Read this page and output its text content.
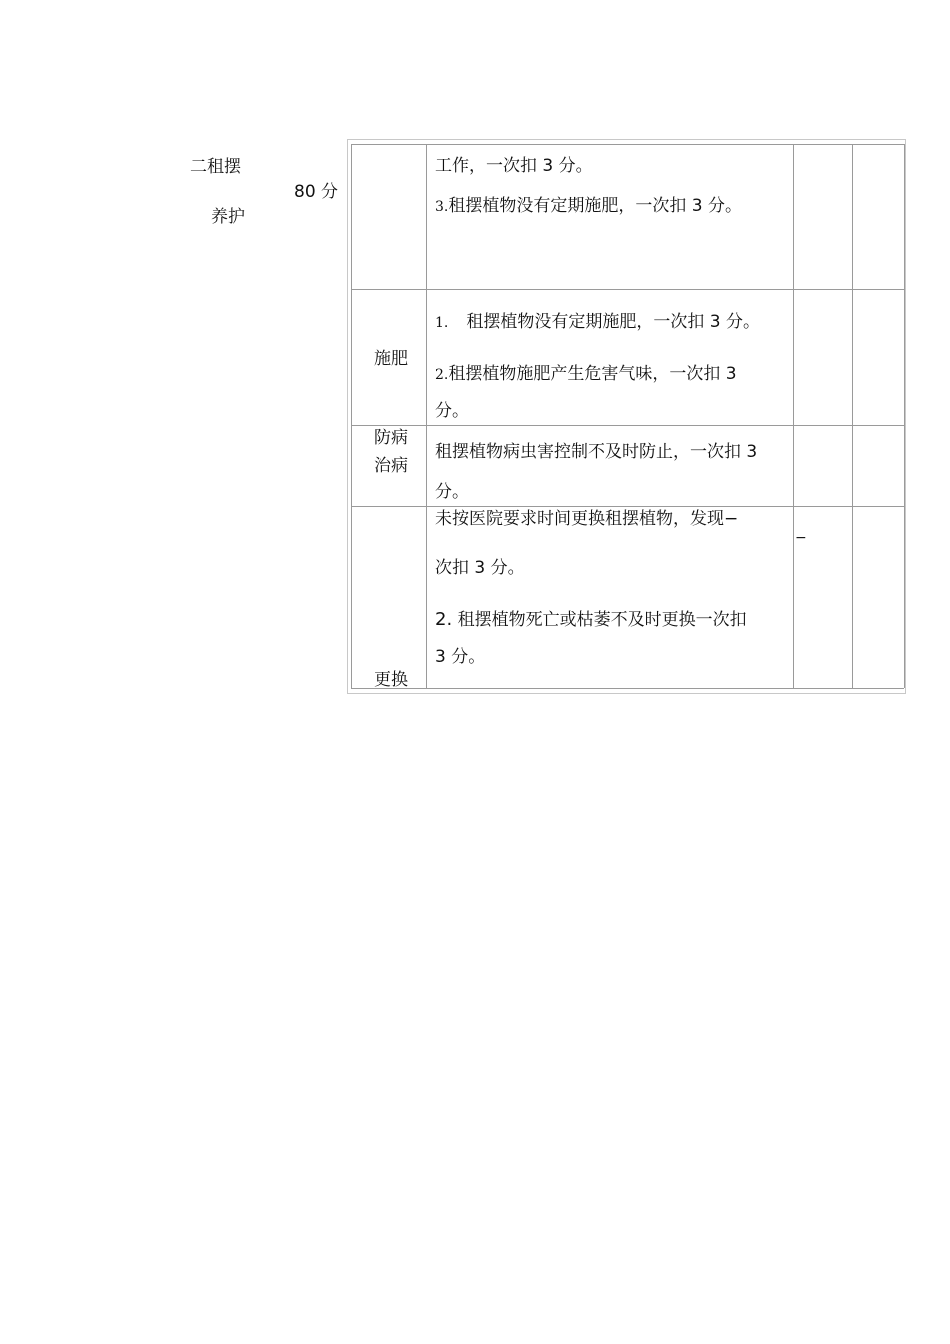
二租摆
80 分
养护
工作，一次扣 3 分。
3.租摆植物没有定期施肥，一次扣 3 分。
施肥
1. 租摆植物没有定期施肥，一次扣 3 分。
2.租摆植物施肥产生危害气味，一次扣 3
分。
防病
治病
租摆植物病虫害控制不及时防止，一次扣 3
分。
未按医院要求时间更换租摆植物，发现−
次扣 3 分。
2. 租摆植物死亡或枯萎不及时更换一次扣
3 分。
更换
−
